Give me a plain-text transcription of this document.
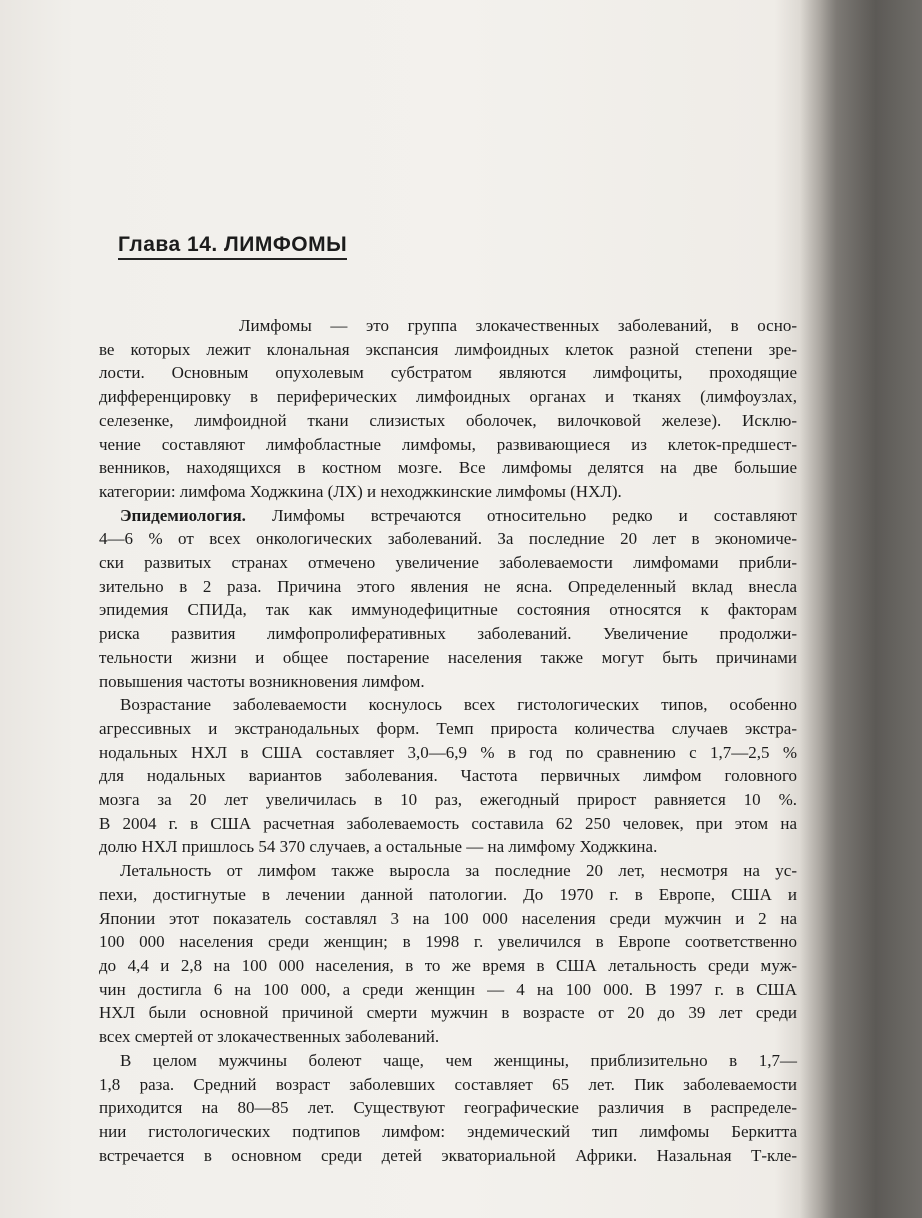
Глава 14. ЛИМФОМЫ

Лимфомы — это группа злокачественных заболеваний, в осно-
ве которых лежит клональная экспансия лимфоидных клеток разной степени зре-
лости. Основным опухолевым субстратом являются лимфоциты, проходящие
дифференцировку в периферических лимфоидных органах и тканях (лимфоузлах,
селезенке, лимфоидной ткани слизистых оболочек, вилочковой железе). Исклю-
чение составляют лимфобластные лимфомы, развивающиеся из клеток-предшест-
венников, находящихся в костном мозге. Все лимфомы делятся на две большие
категории: лимфома Ходжкина (ЛХ) и неходжкинские лимфомы (НХЛ).

Эпидемиология. Лимфомы встречаются относительно редко и составляют
4—6 % от всех онкологических заболеваний. За последние 20 лет в экономиче-
ски развитых странах отмечено увеличение заболеваемости лимфомами прибли-
зительно в 2 раза. Причина этого явления не ясна. Определенный вклад внесла
эпидемия СПИДа, так как иммунодефицитные состояния относятся к факторам
риска развития лимфопролиферативных заболеваний. Увеличение продолжи-
тельности жизни и общее постарение населения также могут быть причинами
повышения частоты возникновения лимфом.

Возрастание заболеваемости коснулось всех гистологических типов, особенно
агрессивных и экстранодальных форм. Темп прироста количества случаев экстра-
нодальных НХЛ в США составляет 3,0—6,9 % в год по сравнению с 1,7—2,5 %
для нодальных вариантов заболевания. Частота первичных лимфом головного
мозга за 20 лет увеличилась в 10 раз, ежегодный прирост равняется 10 %.
В 2004 г. в США расчетная заболеваемость составила 62 250 человек, при этом на
долю НХЛ пришлось 54 370 случаев, а остальные — на лимфому Ходжкина.

Летальность от лимфом также выросла за последние 20 лет, несмотря на ус-
пехи, достигнутые в лечении данной патологии. До 1970 г. в Европе, США и
Японии этот показатель составлял 3 на 100 000 населения среди мужчин и 2 на
100 000 населения среди женщин; в 1998 г. увеличился в Европе соответственно
до 4,4 и 2,8 на 100 000 населения, в то же время в США летальность среди муж-
чин достигла 6 на 100 000, а среди женщин — 4 на 100 000. В 1997 г. в США
НХЛ были основной причиной смерти мужчин в возрасте от 20 до 39 лет среди
всех смертей от злокачественных заболеваний.

В целом мужчины болеют чаще, чем женщины, приблизительно в 1,7—
1,8 раза. Средний возраст заболевших составляет 65 лет. Пик заболеваемости
приходится на 80—85 лет. Существуют географические различия в распределе-
нии гистологических подтипов лимфом: эндемический тип лимфомы Беркитта
встречается в основном среди детей экваториальной Африки. Назальная Т-кле-
